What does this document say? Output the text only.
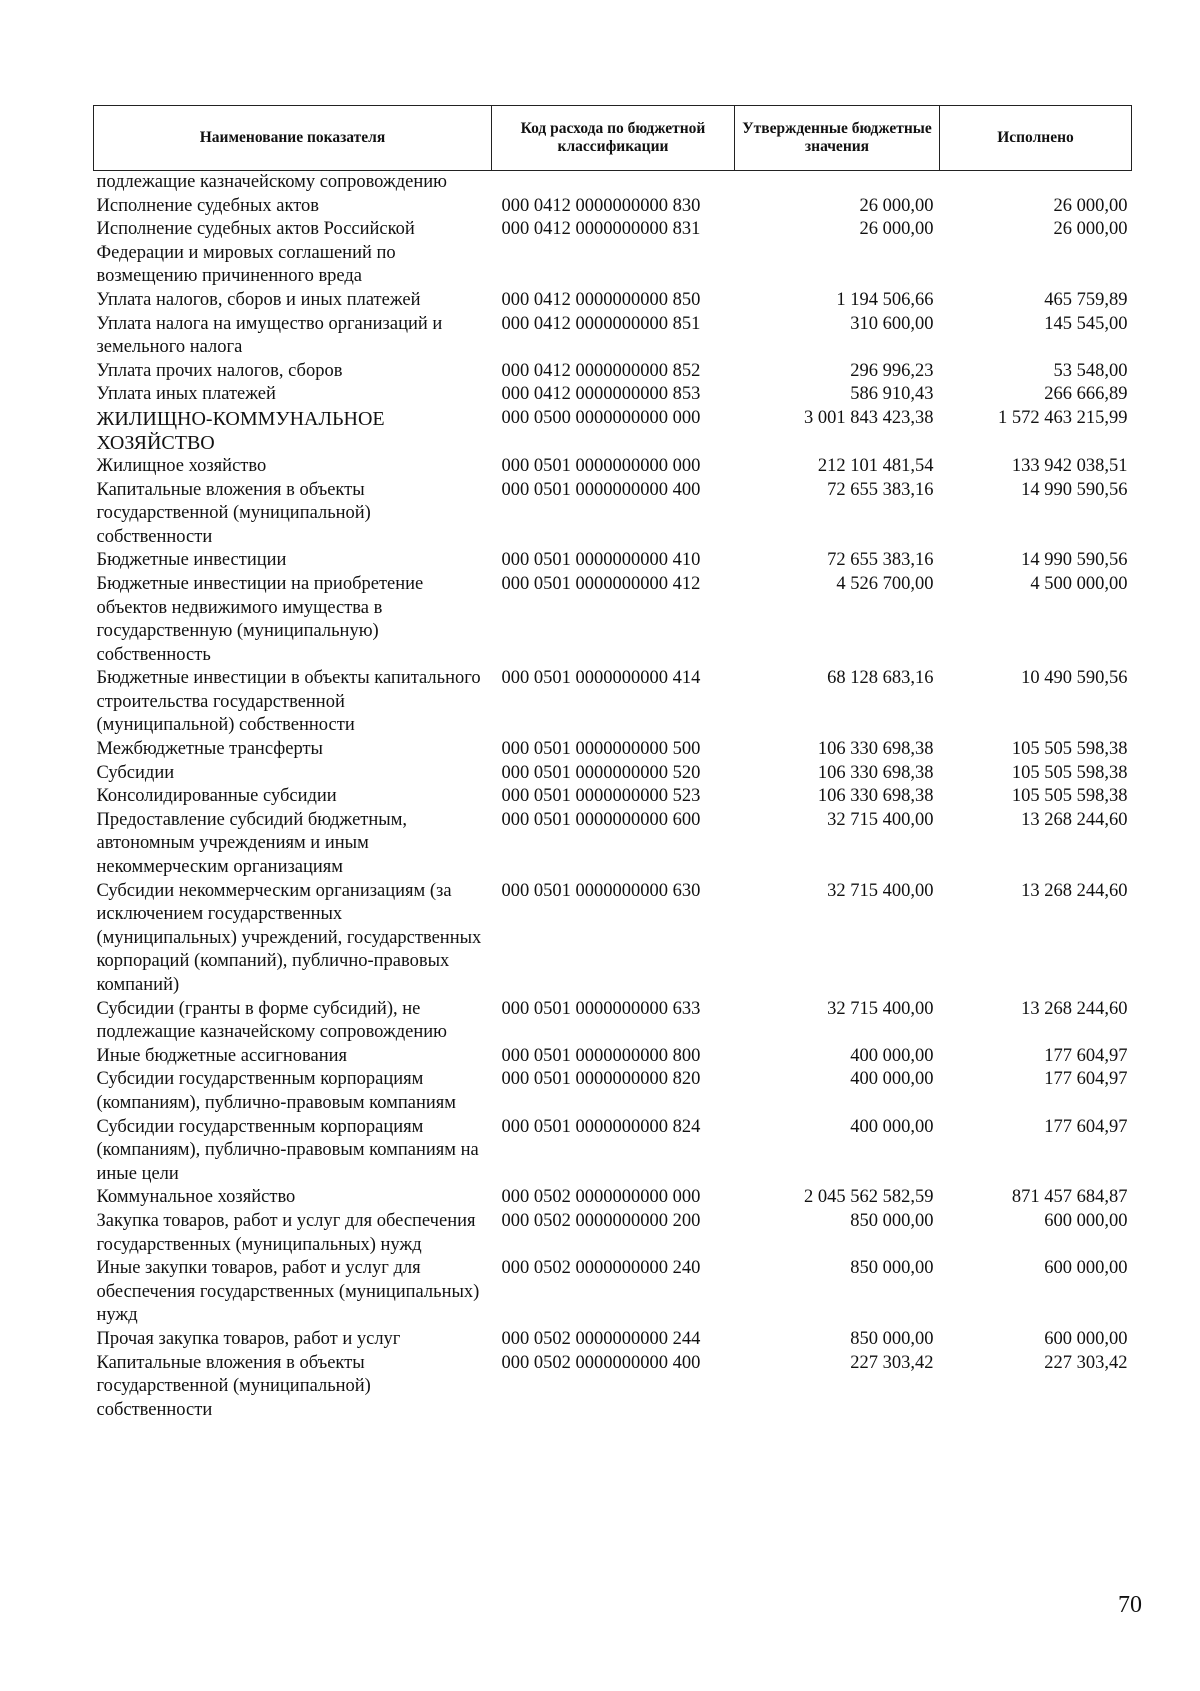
Наименование показателя	Код расхода по бюджетной классификации	Утвержденные бюджетные значения	Исполнено
подлежащие казначейскому сопровождению			
Исполнение судебных актов	000 0412 0000000000 830	26 000,00	26 000,00
Исполнение судебных актов Российской Федерации и мировых соглашений по возмещению причиненного вреда	000 0412 0000000000 831	26 000,00	26 000,00
Уплата налогов, сборов и иных платежей	000 0412 0000000000 850	1 194 506,66	465 759,89
Уплата налога на имущество организаций и земельного налога	000 0412 0000000000 851	310 600,00	145 545,00
Уплата прочих налогов, сборов	000 0412 0000000000 852	296 996,23	53 548,00
Уплата иных платежей	000 0412 0000000000 853	586 910,43	266 666,89
ЖИЛИЩНО-КОММУНАЛЬНОЕ ХОЗЯЙСТВО	000 0500 0000000000 000	3 001 843 423,38	1 572 463 215,99
Жилищное хозяйство	000 0501 0000000000 000	212 101 481,54	133 942 038,51
Капитальные вложения в объекты государственной (муниципальной) собственности	000 0501 0000000000 400	72 655 383,16	14 990 590,56
Бюджетные инвестиции	000 0501 0000000000 410	72 655 383,16	14 990 590,56
Бюджетные инвестиции на приобретение объектов недвижимого имущества в государственную (муниципальную) собственность	000 0501 0000000000 412	4 526 700,00	4 500 000,00
Бюджетные инвестиции в объекты капитального строительства государственной (муниципальной) собственности	000 0501 0000000000 414	68 128 683,16	10 490 590,56
Межбюджетные трансферты	000 0501 0000000000 500	106 330 698,38	105 505 598,38
Субсидии	000 0501 0000000000 520	106 330 698,38	105 505 598,38
Консолидированные субсидии	000 0501 0000000000 523	106 330 698,38	105 505 598,38
Предоставление субсидий бюджетным, автономным учреждениям и иным некоммерческим организациям	000 0501 0000000000 600	32 715 400,00	13 268 244,60
Субсидии некоммерческим организациям (за исключением государственных (муниципальных) учреждений, государственных корпораций (компаний), публично-правовых компаний)	000 0501 0000000000 630	32 715 400,00	13 268 244,60
Субсидии (гранты в форме субсидий), не подлежащие казначейскому сопровождению	000 0501 0000000000 633	32 715 400,00	13 268 244,60
Иные бюджетные ассигнования	000 0501 0000000000 800	400 000,00	177 604,97
Субсидии государственным корпорациям (компаниям), публично-правовым компаниям	000 0501 0000000000 820	400 000,00	177 604,97
Субсидии государственным корпорациям (компаниям), публично-правовым компаниям на иные цели	000 0501 0000000000 824	400 000,00	177 604,97
Коммунальное хозяйство	000 0502 0000000000 000	2 045 562 582,59	871 457 684,87
Закупка товаров, работ и услуг для обеспечения государственных (муниципальных) нужд	000 0502 0000000000 200	850 000,00	600 000,00
Иные закупки товаров, работ и услуг для обеспечения государственных (муниципальных) нужд	000 0502 0000000000 240	850 000,00	600 000,00
Прочая закупка товаров, работ и услуг	000 0502 0000000000 244	850 000,00	600 000,00
Капитальные вложения в объекты государственной (муниципальной) собственности	000 0502 0000000000 400	227 303,42	227 303,42
70
